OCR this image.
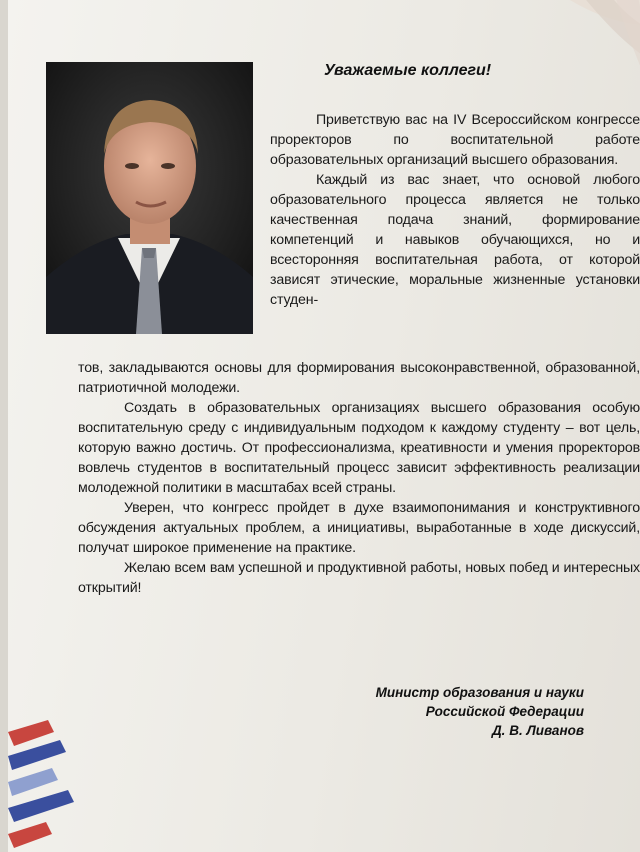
Уважаемые коллеги!

Приветствую вас на IV Всероссийском конгрессе проректоров по воспитательной работе образовательных организаций высшего образования.

Каждый из вас знает, что основой любого образовательного процесса является не только качественная подача знаний, формирование компетенций и навыков обучающихся, но и всесторонняя воспитательная работа, от которой зависят этические, моральные жизненные установки студен-

тов, закладываются основы для формирования высоконравственной, образованной, патриотичной молодежи.

Создать в образовательных организациях высшего образования особую воспитательную среду с индивидуальным подходом к каждому студенту – вот цель, которую важно достичь. От профессионализма, креативности и умения проректоров вовлечь студентов в воспитательный процесс зависит эффективность реализации молодежной политики в масштабах всей страны.

Уверен, что конгресс пройдет в духе взаимопонимания и конструктивного обсуждения актуальных проблем, а инициативы, выработанные в ходе дискуссий, получат широкое применение на практике.

Желаю всем вам успешной и продуктивной работы, новых побед и интересных открытий!

Министр образования и науки
Российской Федерации
Д. В. Ливанов
